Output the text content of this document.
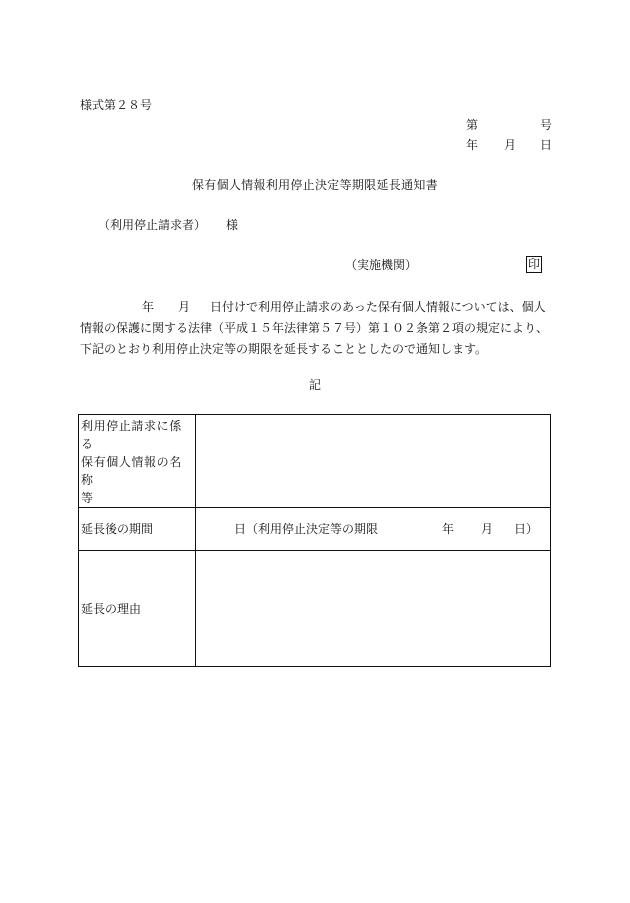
様式第２８号
第	号
年 月 日
保有個人情報利用停止決定等期限延長通知書
（利用停止請求者） 様
（実施機関）	印
年 月 日付けで利用停止請求のあった保有個人情報については、個人
情報の保護に関する法律（平成１５年法律第５７号）第１０２条第２項の規定により、
下記のとおり利用停止決定等の期限を延長することとしたので通知します。
記
利用停止請求に係る
保有個人情報の名称
等	

延長後の期間	日（利用停止決定等の期限 年 月 日）

延長の理由	
